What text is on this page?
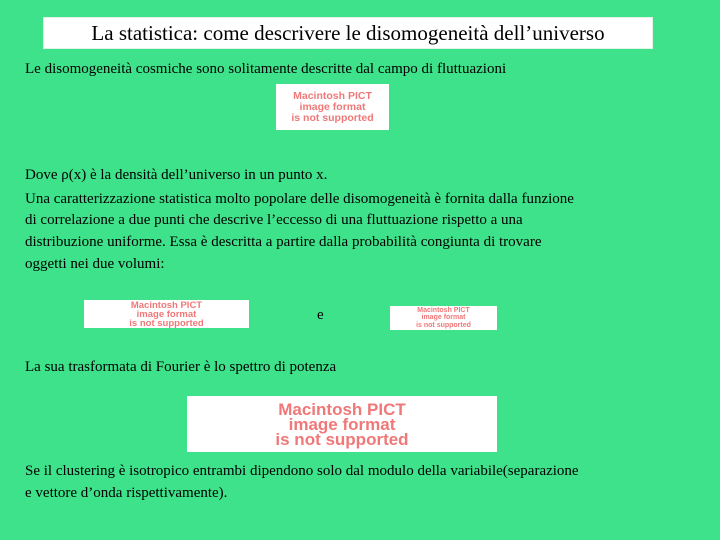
La statistica: come descrivere le disomogeneità dell’universo
Le disomogeneità cosmiche sono solitamente descritte dal campo di fluttuazioni
Macintosh PICT
image format
is not supported
Dove ρ(x) è la densità dell’universo in un punto x.
Una caratterizzazione statistica molto popolare delle disomogeneità è fornita dalla funzione
di correlazione a due punti che descrive l’eccesso di una fluttuazione rispetto a una
distribuzione uniforme. Essa è descritta a partire dalla probabilità congiunta di trovare
oggetti nei due volumi:
Macintosh PICT
image format
is not supported	e	Macintosh PICT
image format
is not supported
La sua trasformata di Fourier è lo spettro di potenza
Macintosh PICT
image format
is not supported
Se il clustering è isotropico entrambi dipendono solo dal modulo della variabile(separazione
e vettore d’onda rispettivamente).
